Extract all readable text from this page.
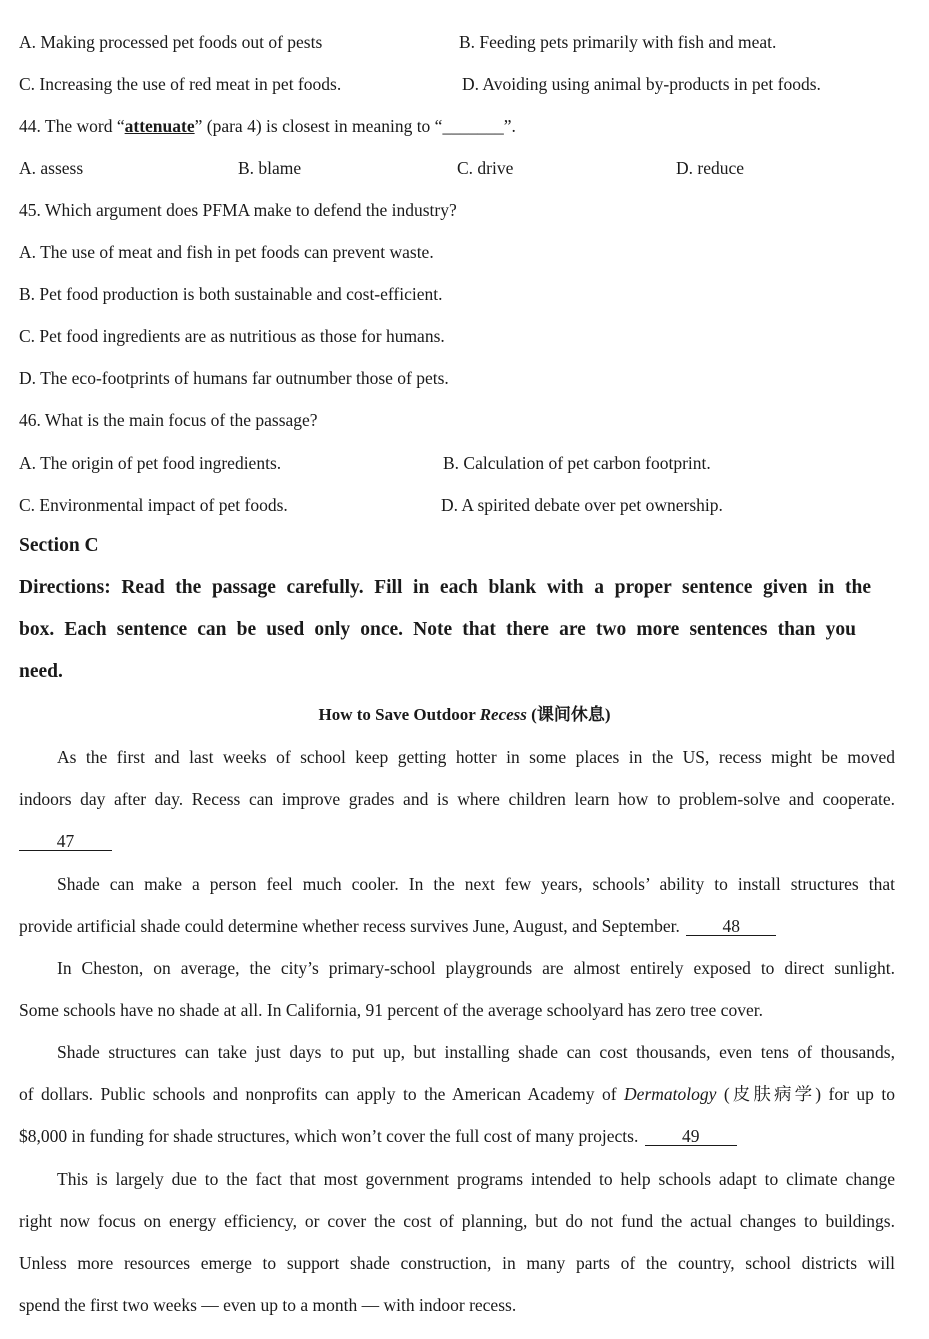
A. Making processed pet foods out of pests	B. Feeding pets primarily with fish and meat.
C. Increasing the use of red meat in pet foods.	D. Avoiding using animal by-products in pet foods.
44. The word “attenuate” (para 4) is closest in meaning to “_______”.
A. assess	B. blame	C. drive	D. reduce
45. Which argument does PFMA make to defend the industry?
A. The use of meat and fish in pet foods can prevent waste.
B. Pet food production is both sustainable and cost-efficient.
C. Pet food ingredients are as nutritious as those for humans.
D. The eco-footprints of humans far outnumber those of pets.
46. What is the main focus of the passage?
A. The origin of pet food ingredients.	B. Calculation of pet carbon footprint.
C. Environmental impact of pet foods.	D. A spirited debate over pet ownership.
Section C
Directions: Read the passage carefully. Fill in each blank with a proper sentence given in the
box. Each sentence can be used only once. Note that there are two more sentences than you
need.
How to Save Outdoor Recess (课间休息)
As the first and last weeks of school keep getting hotter in some places in the US, recess might be moved
indoors day after day. Recess can improve grades and is where children learn how to problem-solve and cooperate.
47
Shade can make a person feel much cooler. In the next few years, schools’ ability to install structures that
provide artificial shade could determine whether recess survives June, August, and September. 48
In Cheston, on average, the city’s primary-school playgrounds are almost entirely exposed to direct sunlight.
Some schools have no shade at all. In California, 91 percent of the average schoolyard has zero tree cover.
Shade structures can take just days to put up, but installing shade can cost thousands, even tens of thousands,
of dollars. Public schools and nonprofits can apply to the American Academy of Dermatology (皮肤病学) for up to
$8,000 in funding for shade structures, which won’t cover the full cost of many projects. 49
This is largely due to the fact that most government programs intended to help schools adapt to climate change
right now focus on energy efficiency, or cover the cost of planning, but do not fund the actual changes to buildings.
Unless more resources emerge to support shade construction, in many parts of the country, school districts will
spend the first two weeks — even up to a month — with indoor recess.
